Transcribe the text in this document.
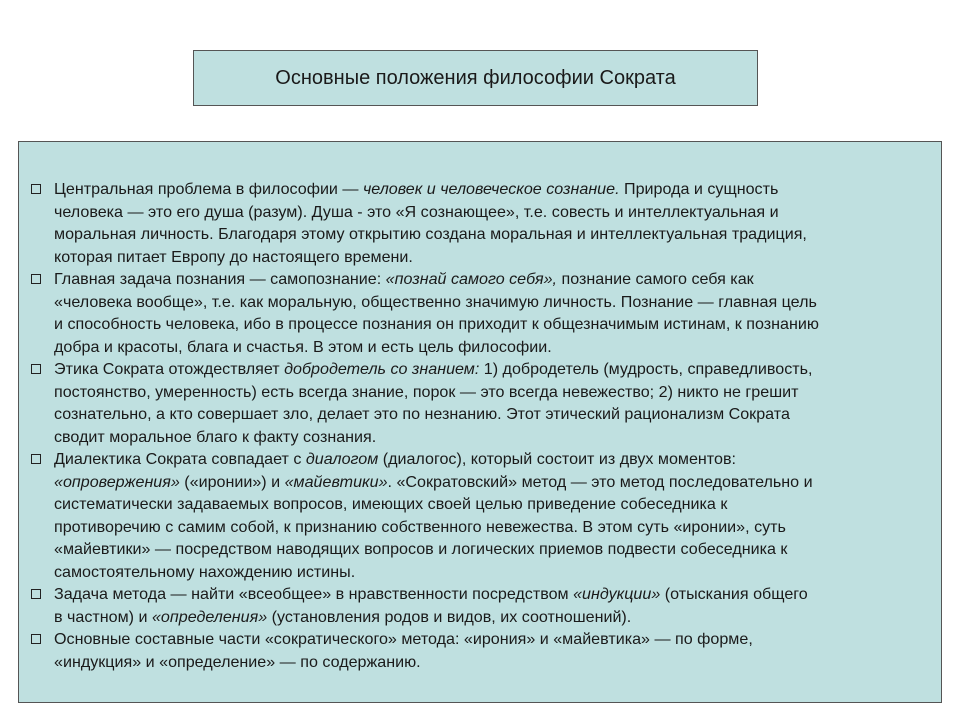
Основные положения философии Сократа
Центральная проблема в философии — человек и человеческое сознание. Природа и сущность
человека — это его душа (разум). Душа - это «Я сознающее», т.е. совесть и интеллектуальная и
моральная личность. Благодаря этому открытию создана моральная и интеллектуальная традиция,
которая питает Европу до настоящего времени.
Главная задача познания — самопознание: «познай самого себя», познание самого себя как
«человека вообще», т.е. как моральную, общественно значимую личность. Познание — главная цель
и способность человека, ибо в процессе познания он приходит к общезначимым истинам, к познанию
добра и красоты, блага и счастья. В этом и есть цель философии.
Этика Сократа отождествляет добродетель со знанием: 1) добродетель (мудрость, справедливость,
постоянство, умеренность) есть всегда знание, порок — это всегда невежество; 2) никто не грешит
сознательно, а кто совершает зло, делает это по незнанию. Этот этический рационализм Сократа
сводит моральное благо к факту сознания.
Диалектика Сократа совпадает с диалогом (диалогос), который состоит из двух моментов:
«опровержения» («иронии») и «майевтики». «Сократовский» метод — это метод последовательно и
систематически задаваемых вопросов, имеющих своей целью приведение собеседника к
противоречию с самим собой, к признанию собственного невежества. В этом суть «иронии», суть
«майевтики» — посредством наводящих вопросов и логических приемов подвести собеседника к
самостоятельному нахождению истины.
Задача метода — найти «всеобщее» в нравственности посредством «индукции» (отыскания общего
в частном) и «определения» (установления родов и видов, их соотношений).
Основные составные части «сократического» метода: «ирония» и «майевтика» — по форме,
«индукция» и «определение» — по содержанию.
